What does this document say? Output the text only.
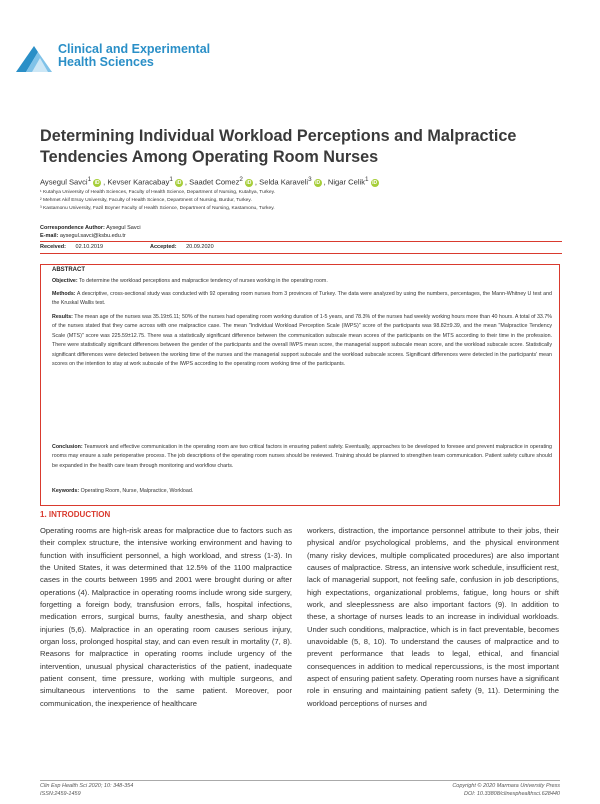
Clinical and Experimental
Health Sciences
Determining Individual Workload Perceptions and Malpractice Tendencies Among Operating Room Nurses
Aysegul Savci$^1$ iD , Kevser Karacabay$^1$ iD , Saadet Comez$^2$ iD , Selda Karaveli$^3$ iD , Nigar Celik$^1$ iD
¹ Kutahya University of Health Sciences, Faculty of Health Science, Department of Nursing, Kutahya, Turkey.
² Mehmet Akif Ersoy University, Faculty of Health Science, Department of Nursing, Burdur, Turkey.
³ Kastamonu University, Fazil Boyner Faculty of Health Science, Department of Nursing, Kastamonu, Turkey.
Correspondence Author: Aysegul Savci
E-mail: aysegul.savci@ksbu.edu.tr
Received: 02.10.2019	Accepted: 20.09.2020
ABSTRACT
Objective: To determine the workload perceptions and malpractice tendency of nurses working in the operating room.
Methods: A descriptive, cross-sectional study was conducted with 92 operating room nurses from 3 provinces of Turkey. The data were analyzed by using the numbers, percentages, the Mann-Whitney U test and the Kruskal Wallis test.
Results: The mean age of the nurses was 35.19±6.11; 50% of the nurses had operating room working duration of 1-5 years, and 78.3% of the nurses had weekly working hours more than 40 hours. A total of 33.7% of the nurses stated that they came across with one malpractice case. The mean "Individual Workload Perception Scale (IWPS)" score of the participants was 98.82±9.39, and the mean "Malpractice Tendency Scale (MTS)" score was 225.59±12.75. There was a statistically significant difference between the communication subscale mean scores of the participants on the MTS according to their time in the profession. There were statistically significant differences between the gender of the participants and the overall IWPS mean score, the managerial support subscale mean score, and the workload subscale score. Statistically significant differences were detected between the working time of the nurses and the managerial support subscale and the workload subscale scores. Significant differences were detected in the participants' mean scores on the intention to stay at work subscale of the IWPS according to the operating room working time of the participants.
Conclusion: Teamwork and effective communication in the operating room are two critical factors in ensuring patient safety. Eventually, approaches to be developed to foresee and prevent malpractice in operating rooms may ensure a safe perioperative process. The job descriptions of the operating room nurses should be reviewed. Training should be planned to strengthen team communication. Patient safety culture should be expanded in the health care team through monitoring and workflow charts.
Keywords: Operating Room, Nurse, Malpractice, Workload.
1. INTRODUCTION
Operating rooms are high-risk areas for malpractice due to factors such as their complex structure, the intensive working environment and having to function with insufficient personnel, a high workload, and stress (1-3). In the United States, it was determined that 12.5% of the 1100 malpractice cases in the courts between 1995 and 2001 were brought during or after operations (4). Malpractice in operating rooms include wrong side surgery, forgetting a foreign body, transfusion errors, falls, hospital infections, medication errors, surgical burns, faulty anesthesia, and sharp object injuries (5,6). Malpractice in an operating room causes serious injury, organ loss, prolonged hospital stay, and can even result in mortality (7, 8). Reasons for malpractice in operating rooms include urgency of the intervention, unusual physical characteristics of the patient, inadequate patient consent, time pressure, working with multiple surgeons, and simultaneous interventions to the same patient. Moreover, poor communication, the inexperience of healthcare
workers, distraction, the importance personnel attribute to their jobs, their physical and/or psychological problems, and the physical environment (many risky devices, multiple complicated procedures) are also important causes of malpractice. Stress, an intensive work schedule, insufficient rest, lack of managerial support, not feeling safe, confusion in job descriptions, high expectations, organizational problems, fatigue, long hours or shift work, and sleeplessness are also important factors (9). In addition to these, a shortage of nurses leads to an increase in individual workloads. Under such conditions, malpractice, which is in fact preventable, becomes unavoidable (5, 8, 10). To understand the causes of malpractice and to prevent performance that leads to legal, ethical, and financial consequences in addition to medical repercussions, is the most important aspect of ensuring patient safety. Operating room nurses have a significant role in ensuring and maintaining patient safety (9, 11). Determining the workload perceptions of nurses and
Clin Exp Health Sci 2020; 10: 348-354
ISSN:2459-1459
Copyright © 2020 Marmara University Press
DOI: 10.33808/clinexphealthsci.628440
